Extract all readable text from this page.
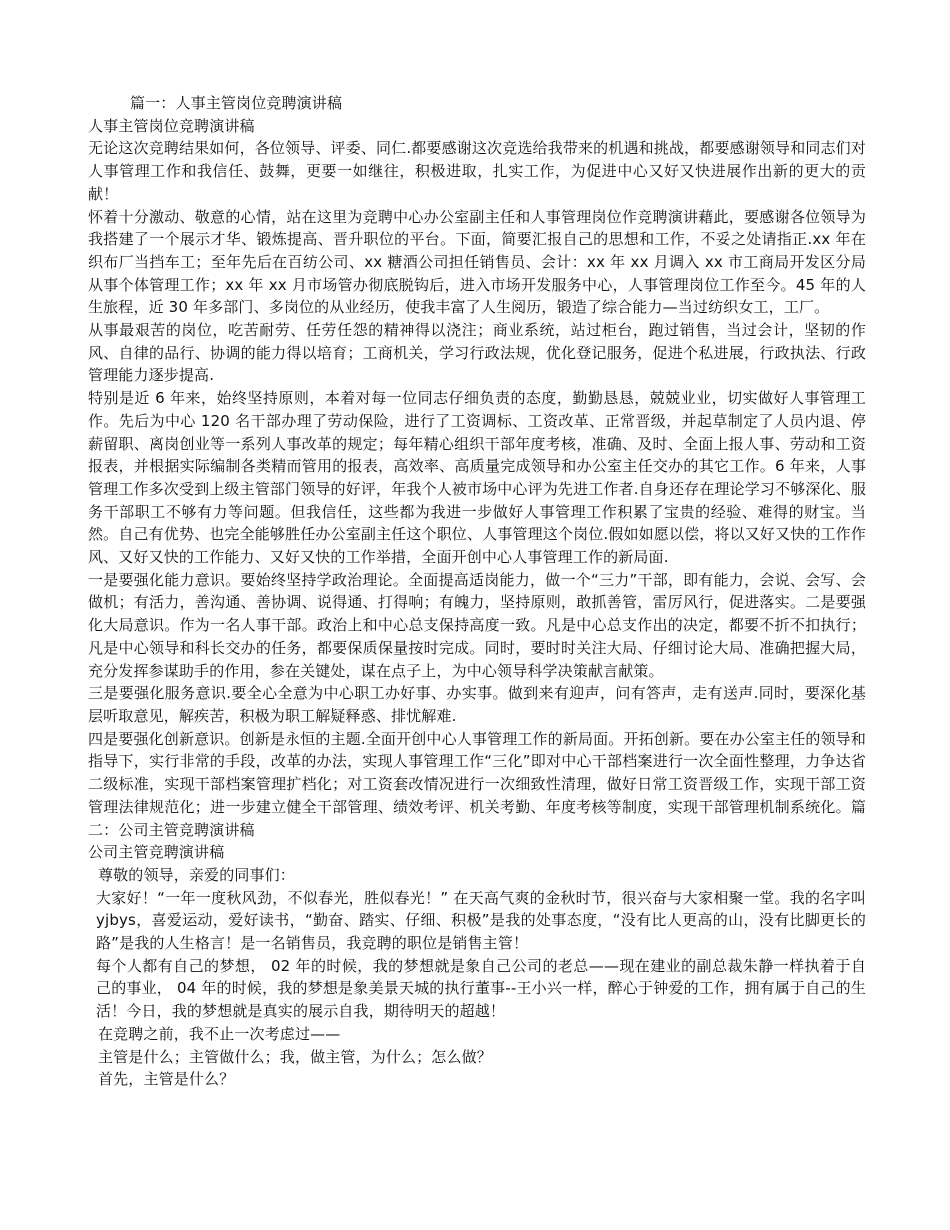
篇一：人事主管岗位竞聘演讲稿

人事主管岗位竞聘演讲稿

无论这次竞聘结果如何，各位领导、评委、同仁.都要感谢这次竞选给我带来的机遇和挑战，都要感谢领导和同志们对人事管理工作和我信任、鼓舞，更要一如继往，积极进取，扎实工作，为促进中心又好又快进展作出新的更大的贡献！

怀着十分激动、敬意的心情，站在这里为竞聘中心办公室副主任和人事管理岗位作竞聘演讲藉此，要感谢各位领导为我搭建了一个展示才华、锻炼提高、晋升职位的平台。下面，简要汇报自己的思想和工作，不妥之处请指正.xx 年在织布厂当挡车工；至年先后在百纺公司、xx 糖酒公司担任销售员、会计：xx 年 xx 月调入 xx 市工商局开发区分局从事个体管理工作；xx 年 xx 月市场管办彻底脱钩后，进入市场开发服务中心，人事管理岗位工作至今。45 年的人生旅程，近 30 年多部门、多岗位的从业经历，使我丰富了人生阅历，锻造了综合能力—当过纺织女工，工厂。

从事最艰苦的岗位，吃苦耐劳、任劳任怨的精神得以浇注；商业系统，站过柜台，跑过销售，当过会计，坚韧的作风、自律的品行、协调的能力得以培育；工商机关，学习行政法规，优化登记服务，促进个私进展，行政执法、行政管理能力逐步提高.

特别是近 6 年来，始终坚持原则，本着对每一位同志仔细负责的态度，勤勤恳恳，兢兢业业，切实做好人事管理工作。先后为中心 120 名干部办理了劳动保险，进行了工资调标、工资改革、正常晋级，并起草制定了人员内退、停薪留职、离岗创业等一系列人事改革的规定；每年精心组织干部年度考核，准确、及时、全面上报人事、劳动和工资报表，并根据实际编制各类精而管用的报表，高效率、高质量完成领导和办公室主任交办的其它工作。6 年来，人事管理工作多次受到上级主管部门领导的好评，年我个人被市场中心评为先进工作者.自身还存在理论学习不够深化、服务干部职工不够有力等问题。但我信任，这些都为我进一步做好人事管理工作积累了宝贵的经验、难得的财宝。当然。自己有优势、也完全能够胜任办公室副主任这个职位、人事管理这个岗位.假如如愿以偿，将以又好又快的工作作风、又好又快的工作能力、又好又快的工作举措，全面开创中心人事管理工作的新局面.

一是要强化能力意识。要始终坚持学政治理论。全面提高适岗能力，做一个“三力”干部，即有能力，会说、会写、会做机；有活力，善沟通、善协调、说得通、打得响；有魄力，坚持原则，敢抓善管，雷厉风行，促进落实。二是要强化大局意识。作为一名人事干部。政治上和中心总支保持高度一致。凡是中心总支作出的决定，都要不折不扣执行；凡是中心领导和科长交办的任务，都要保质保量按时完成。同时，要时时关注大局、仔细讨论大局、准确把握大局，充分发挥参谋助手的作用，参在关键处，谋在点子上，为中心领导科学决策献言献策。

三是要强化服务意识.要全心全意为中心职工办好事、办实事。做到来有迎声，问有答声，走有送声.同时，要深化基层听取意见，解疾苦，积极为职工解疑释惑、排忧解难.

四是要强化创新意识。创新是永恒的主题.全面开创中心人事管理工作的新局面。开拓创新。要在办公室主任的领导和指导下，实行非常的手段，改革的办法，实现人事管理工作“三化”即对中心干部档案进行一次全面性整理，力争达省二级标准，实现干部档案管理扩档化；对工资套改情况进行一次细致性清理，做好日常工资晋级工作，实现干部工资管理法律规范化；进一步建立健全干部管理、绩效考评、机关考勤、年度考核等制度，实现干部管理机制系统化。篇二：公司主管竞聘演讲稿

公司主管竞聘演讲稿

尊敬的领导，亲爱的同事们：

大家好！“一年一度秋风劲，不似春光，胜似春光！” 在天高气爽的金秋时节，很兴奋与大家相聚一堂。我的名字叫 yjbys，喜爱运动，爱好读书，“勤奋、踏实、仔细、积极”是我的处事态度，“没有比人更高的山，没有比脚更长的路”是我的人生格言！是一名销售员，我竞聘的职位是销售主管！

每个人都有自己的梦想， 02 年的时候，我的梦想就是象自己公司的老总——现在建业的副总裁朱静一样执着于自己的事业， 04 年的时候，我的梦想是象美景天城的执行董事--王小兴一样，醉心于钟爱的工作，拥有属于自己的生活！今日，我的梦想就是真实的展示自我，期待明天的超越！

在竞聘之前，我不止一次考虑过——

主管是什么；主管做什么；我，做主管，为什么；怎么做？

首先，主管是什么？
